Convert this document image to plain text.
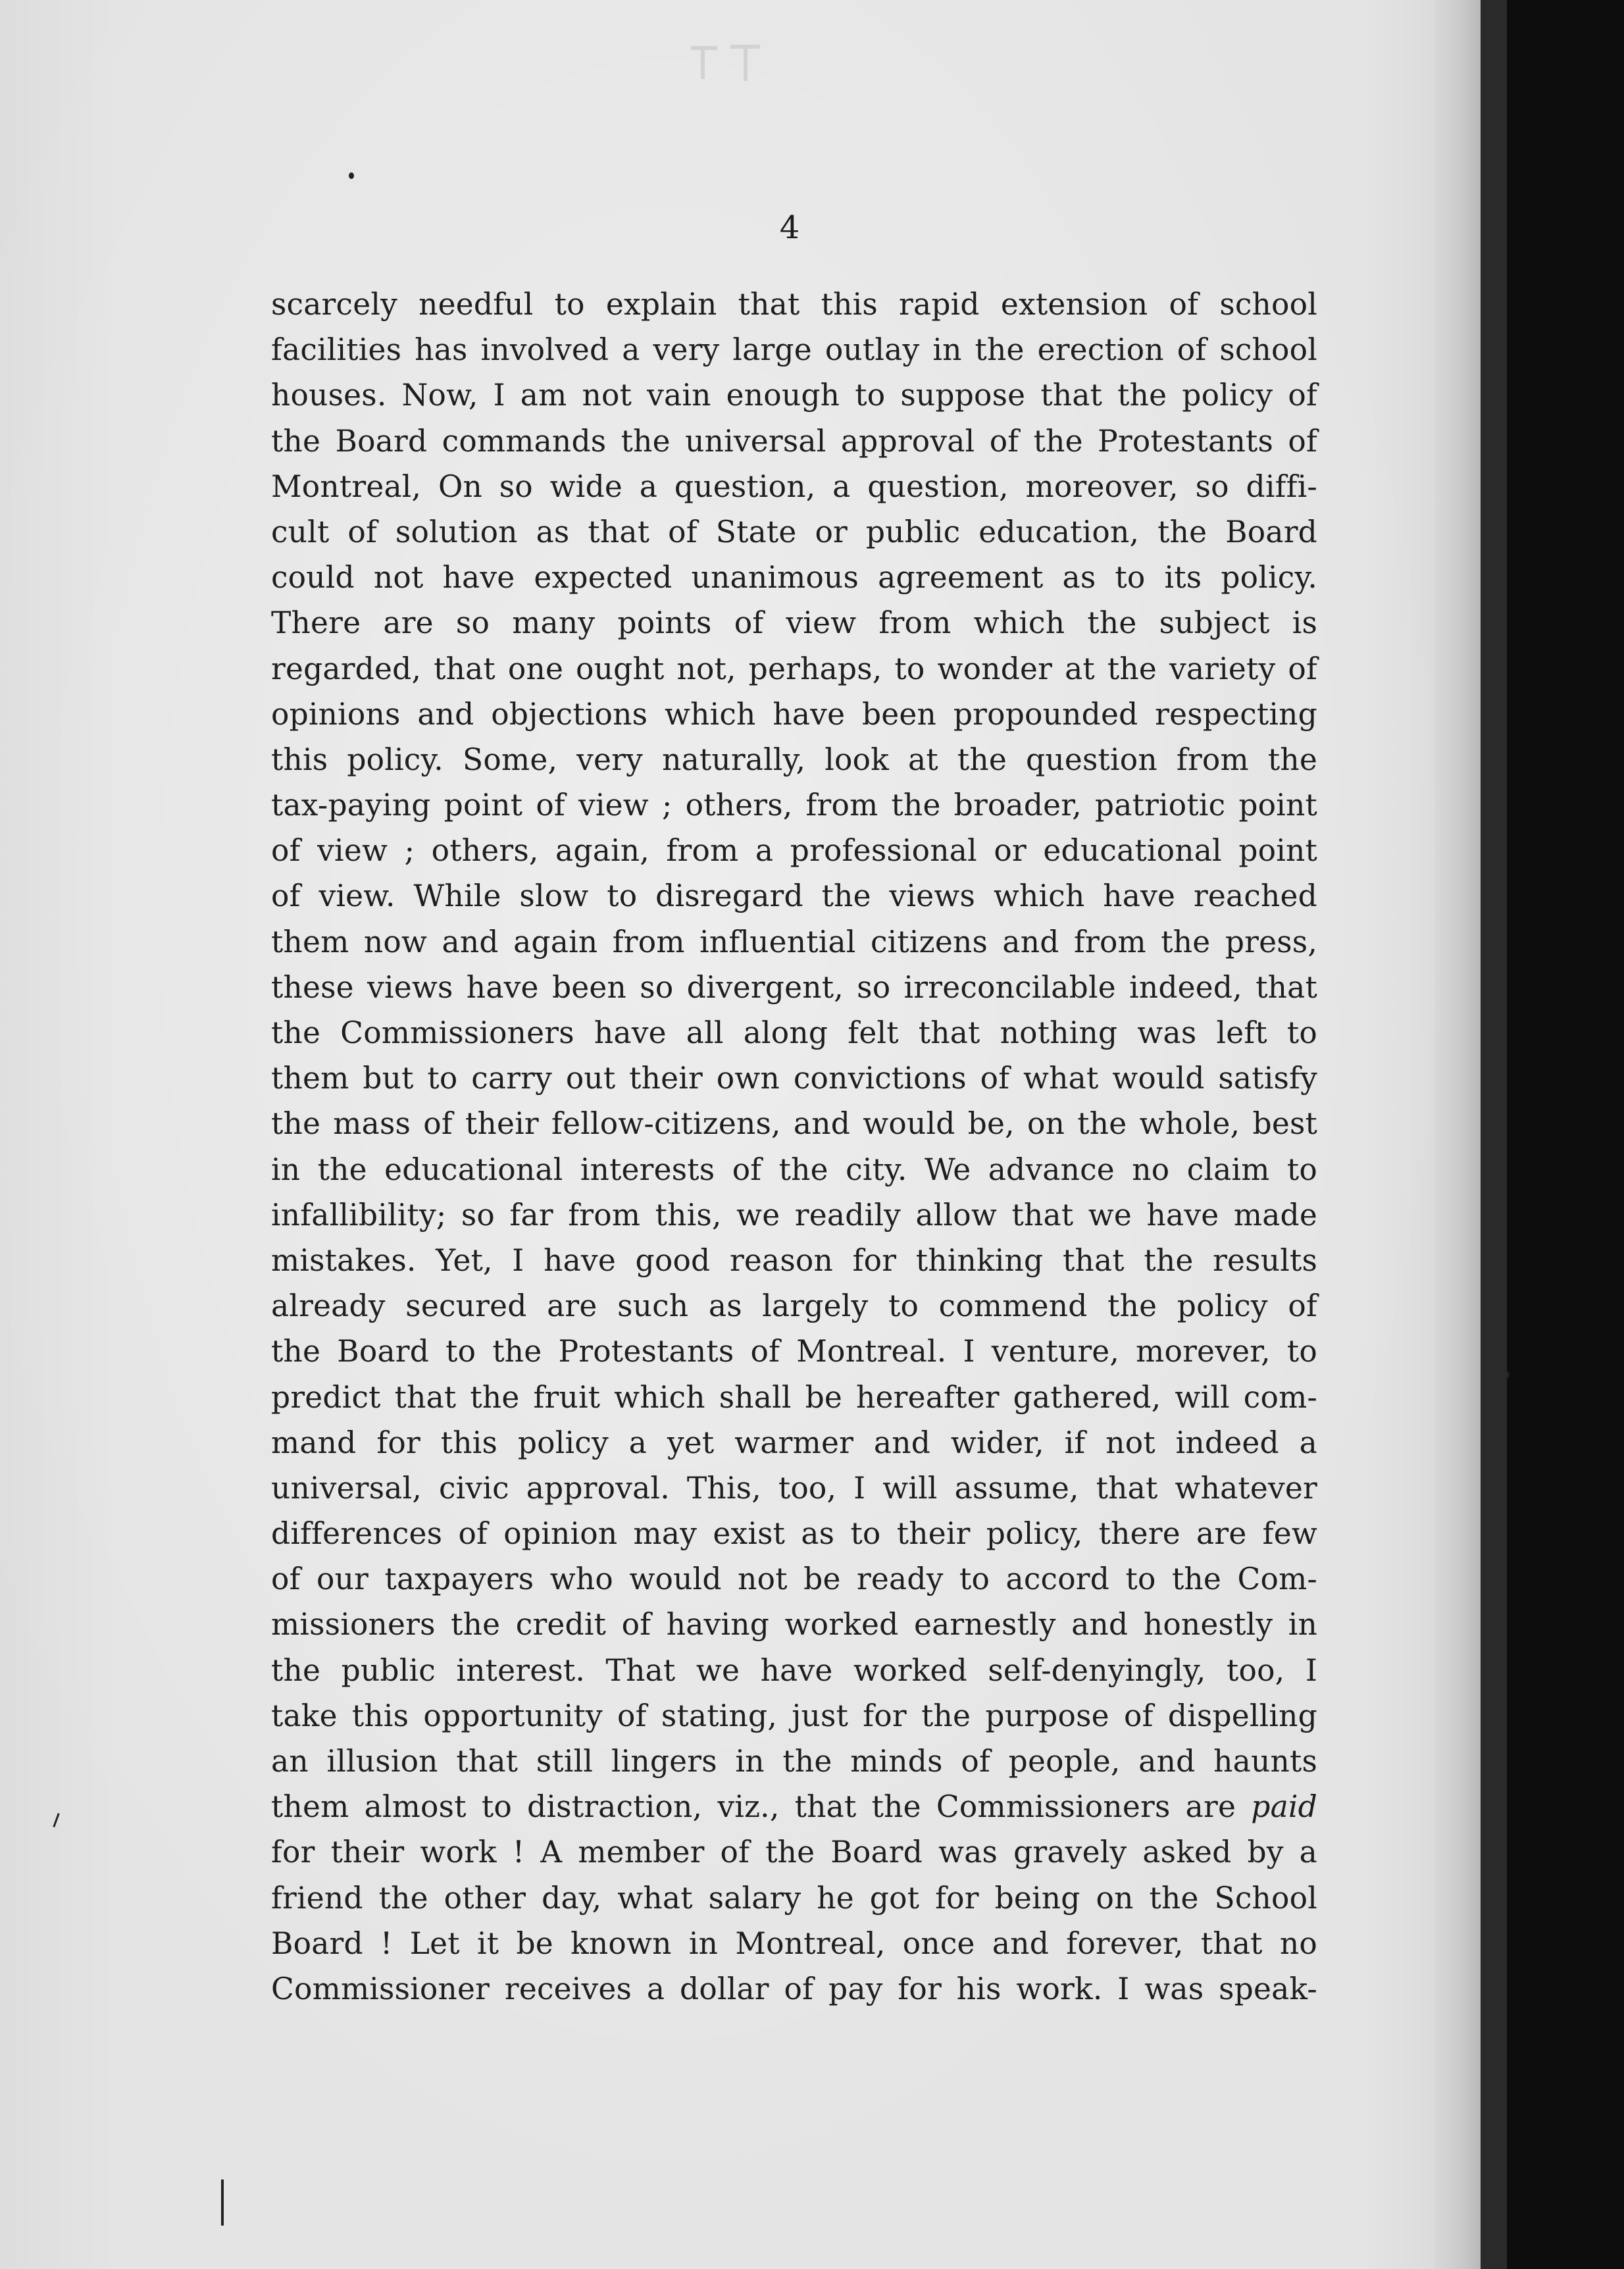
4
scarcely needful to explain that this rapid extension of school
facilities has involved a very large outlay in the erection of school
houses. Now, I am not vain enough to suppose that the policy of
the Board commands the universal approval of the Protestants of
Montreal, On so wide a question, a question, moreover, so diffi-
cult of solution as that of State or public education, the Board
could not have expected unanimous agreement as to its policy.
There are so many points of view from which the subject is
regarded, that one ought not, perhaps, to wonder at the variety of
opinions and objections which have been propounded respecting
this policy. Some, very naturally, look at the question from the
tax-paying point of view ; others, from the broader, patriotic point
of view ; others, again, from a professional or educational point
of view. While slow to disregard the views which have reached
them now and again from influential citizens and from the press,
these views have been so divergent, so irreconcilable indeed, that
the Commissioners have all along felt that nothing was left to
them but to carry out their own convictions of what would satisfy
the mass of their fellow-citizens, and would be, on the whole, best
in the educational interests of the city. We advance no claim to
infallibility; so far from this, we readily allow that we have made
mistakes. Yet, I have good reason for thinking that the results
already secured are such as largely to commend the policy of
the Board to the Protestants of Montreal. I venture, morever, to
predict that the fruit which shall be hereafter gathered, will com-
mand for this policy a yet warmer and wider, if not indeed a
universal, civic approval. This, too, I will assume, that whatever
differences of opinion may exist as to their policy, there are few
of our taxpayers who would not be ready to accord to the Com-
missioners the credit of having worked earnestly and honestly in
the public interest. That we have worked self-denyingly, too, I
take this opportunity of stating, just for the purpose of dispelling
an illusion that still lingers in the minds of people, and haunts
them almost to distraction, viz., that the Commissioners are paid
for their work ! A member of the Board was gravely asked by a
friend the other day, what salary he got for being on the School
Board ! Let it be known in Montreal, once and forever, that no
Commissioner receives a dollar of pay for his work. I was speak-
